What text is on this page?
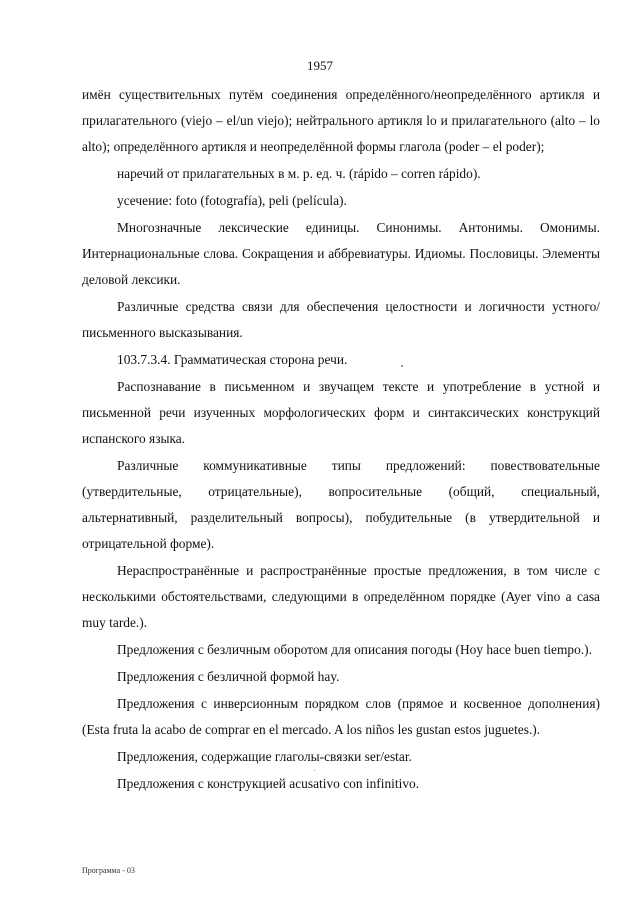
1957

имён существительных путём соединения определённого/неопределённого артикля и прилагательного (viejo – el/un viejo); нейтрального артикля lo и прилагательного (alto – lo alto); определённого артикля и неопределённой формы глагола (poder – el poder);

наречий от прилагательных в м. р. ед. ч. (rápido – corren rápido).

усечение: foto (fotografía), peli (película).

Многозначные лексические единицы. Синонимы. Антонимы. Омонимы. Интернациональные слова. Сокращения и аббревиатуры. Идиомы. Пословицы. Элементы деловой лексики.

Различные средства связи для обеспечения целостности и логичности устного/письменного высказывания.

103.7.3.4. Грамматическая сторона речи.

Распознавание в письменном и звучащем тексте и употребление в устной и письменной речи изученных морфологических форм и синтаксических конструкций испанского языка.

Различные коммуникативные типы предложений: повествовательные (утвердительные, отрицательные), вопросительные (общий, специальный, альтернативный, разделительный вопросы), побудительные (в утвердительной и отрицательной форме).

Нераспространённые и распространённые простые предложения, в том числе с несколькими обстоятельствами, следующими в определённом порядке (Ayer vino a casa muy tarde.).

Предложения с безличным оборотом для описания погоды (Hoy hace buen tiempo.).

Предложения с безличной формой hay.

Предложения с инверсионным порядком слов (прямое и косвенное дополнения) (Esta fruta la acabo de comprar en el mercado. A los niños les gustan estos juguetes.).

Предложения, содержащие глаголы-связки ser/estar.

Предложения с конструкцией acusativo con infinitivo.

Программа - 03
